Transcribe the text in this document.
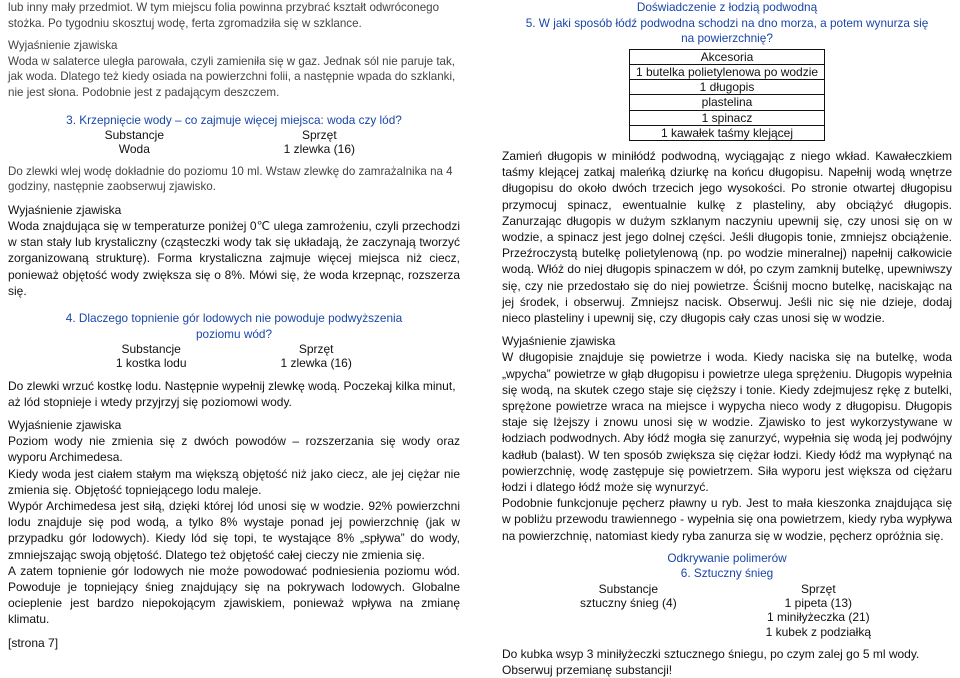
lub inny mały przedmiot. W tym miejscu folia powinna przybrać kształt odwróconego stożka. Po tygodniu skosztuj wodę, ferta zgromadziła się w szklance.

Wyjaśnienie zjawiska

Woda w salaterce uległa parowała, czyli zamieniła się w gaz. Jednak sól nie paruje tak, jak woda. Dlatego też kiedy osiada na powierzchni folii, a następnie wpada do szklanki, nie jest słona. Podobnie jest z padającym deszczem.

3. Krzepnięcie wody – co zajmuje więcej miejsca: woda czy lód?

Substancje	Sprzęt
Woda	1 zlewka (16)

Do zlewki wlej wodę dokładnie do poziomu 10 ml. Wstaw zlewkę do zamrażalnika na 4 godziny, następnie zaobserwuj zjawisko.

Wyjaśnienie zjawiska

Woda znajdująca się w temperaturze poniżej 0℃ ulega zamrożeniu, czyli przechodzi w stan stały lub krystaliczny (cząsteczki wody tak się układają, że zaczynają tworzyć zorganizowaną strukturę). Forma krystaliczna zajmuje więcej miejsca niż ciecz, ponieważ objętość wody zwiększa się o 8%. Mówi się, że woda krzepnąc, rozszerza się.

4. Dlaczego topnienie gór lodowych nie powoduje podwyższenia poziomu wód?

Substancje	Sprzęt
1 kostka lodu	1 zlewka (16)

Do zlewki wrzuć kostkę lodu. Następnie wypełnij zlewkę wodą. Poczekaj kilka minut, aż lód stopnieje i wtedy przyjrzyj się poziomowi wody.

Wyjaśnienie zjawiska

Poziom wody nie zmienia się z dwóch powodów – rozszerzania się wody oraz wyporu Archimedesa.

Kiedy woda jest ciałem stałym ma większą objętość niż jako ciecz, ale jej ciężar nie zmienia się. Objętość topniejącego lodu maleje.

Wypór Archimedesa jest siłą, dzięki której lód unosi się w wodzie. 92% powierzchni lodu znajduje się pod wodą, a tylko 8% wystaje ponad jej powierzchnię (jak w przypadku gór lodowych). Kiedy lód się topi, te wystające 8% „spływa” do wody, zmniejszając swoją objętość. Dlatego też objętość całej cieczy nie zmienia się.

A zatem topnienie gór lodowych nie może powodować podniesienia poziomu wód. Powoduje je topniejący śnieg znajdujący się na pokrywach lodowych. Globalne ocieplenie jest bardzo niepokojącym zjawiskiem, ponieważ wpływa na zmianę klimatu.

[strona 7]

Doświadczenie z łodzią podwodną

5. W jaki sposób łódź podwodna schodzi na dno morza, a potem wynurza się na powierzchnię?

Akcesoria
1 butelka polietylenowa po wodzie
1 długopis
plastelina
1 spinacz
1 kawałek taśmy klejącej

Zamień długopis w miniłódź podwodną, wyciągając z niego wkład. Kawałeczkiem taśmy klejącej zatkaj maleńką dziurkę na końcu długopisu. Napełnij wodą wnętrze długopisu do około dwóch trzecich jego wysokości. Po stronie otwartej długopisu przymocuj spinacz, ewentualnie kulkę z plasteliny, aby obciążyć długopis. Zanurzając długopis w dużym szklanym naczyniu upewnij się, czy unosi się on w wodzie, a spinacz jest jego dolnej części. Jeśli długopis tonie, zmniejsz obciążenie. Przeźroczystą butelkę polietylenową (np. po wodzie mineralnej) napełnij całkowicie wodą. Włóż do niej długopis spinaczem w dół, po czym zamknij butelkę, upewniwszy się, czy nie przedostało się do niej powietrze. Ściśnij mocno butelkę, naciskając na jej środek, i obserwuj. Zmniejsz nacisk. Obserwuj. Jeśli nic się nie dzieje, dodaj nieco plasteliny i upewnij się, czy długopis cały czas unosi się w wodzie.

Wyjaśnienie zjawiska

W długopisie znajduje się powietrze i woda. Kiedy naciska się na butelkę, woda „wpycha” powietrze w głąb długopisu i powietrze ulega sprężeniu. Długopis wypełnia się wodą, na skutek czego staje się cięższy i tonie. Kiedy zdejmujesz rękę z butelki, sprężone powietrze wraca na miejsce i wypycha nieco wody z długopisu. Długopis staje się lżejszy i znowu unosi się w wodzie. Zjawisko to jest wykorzystywane w łodziach podwodnych. Aby łódź mogła się zanurzyć, wypełnia się wodą jej podwójny kadłub (balast). W ten sposób zwiększa się ciężar łodzi. Kiedy łódź ma wypłynąć na powierzchnię, wodę zastępuje się powietrzem. Siła wyporu jest większa od ciężaru łodzi i dlatego łódź może się wynurzyć.

Podobnie funkcjonuje pęcherz pławny u ryb. Jest to mała kieszonka znajdująca się w pobliżu przewodu trawiennego - wypełnia się ona powietrzem, kiedy ryba wypływa na powierzchnię, natomiast kiedy ryba zanurza się w wodzie, pęcherz opróżnia się.

Odkrywanie polimerów

6. Sztuczny śnieg

Substancje	Sprzęt
sztuczny śnieg (4)	1 pipeta (13)
	1 miniłyżeczka (21)
	1 kubek z podziałką

Do kubka wsyp 3 miniłyżeczki sztucznego śniegu, po czym zalej go 5 ml wody. Obserwuj przemianę substancji!
